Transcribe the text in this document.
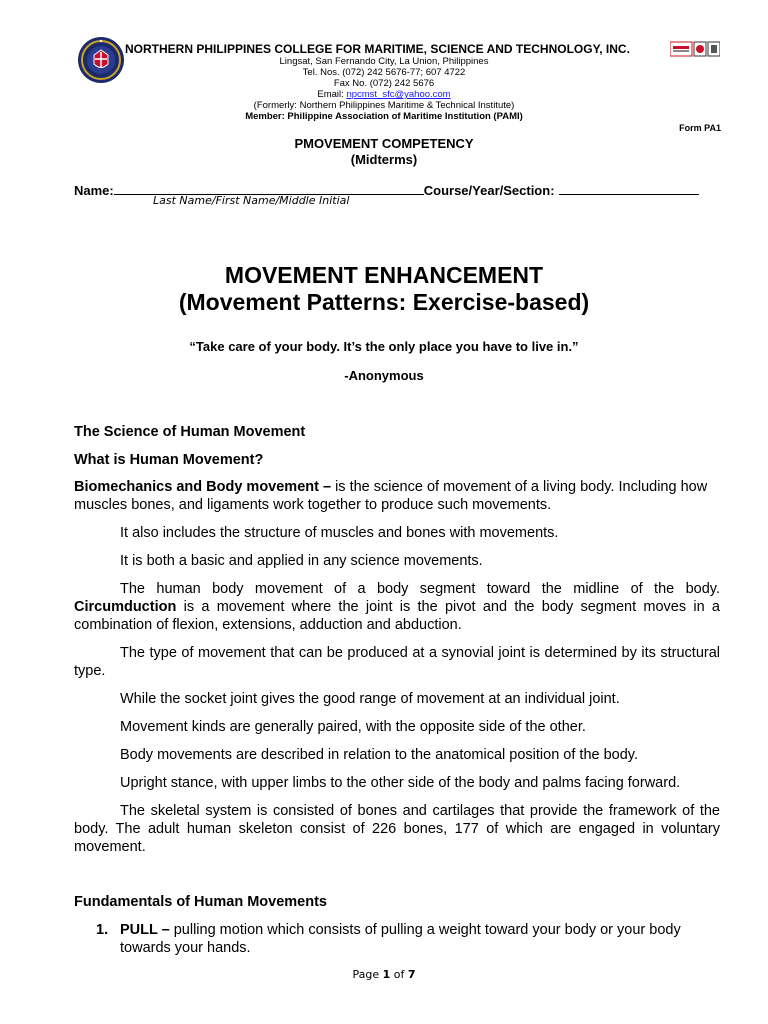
NORTHERN PHILIPPINES COLLEGE FOR MARITIME, SCIENCE AND TECHNOLOGY, INC.
Lingsat, San Fernando City, La Union, Philippines
Tel. Nos. (072) 242 5676-77; 607 4722
Fax No. (072) 242 5676
Email: npcmst_sfc@yahoo.com
(Formerly: Northern Philippines Maritime & Technical Institute)
Member: Philippine Association of Maritime Institution (PAMI)
Form PA1
PMOVEMENT COMPETENCY
(Midterms)
Name:	Course/Year/Section:
Last Name/First Name/Middle Initial
MOVEMENT ENHANCEMENT
(Movement Patterns: Exercise-based)
“Take care of your body. It’s the only place you have to live in.”
-Anonymous
The Science of Human Movement
What is Human Movement?
Biomechanics and Body movement – is the science of movement of a living body. Including how muscles bones, and ligaments work together to produce such movements.
It also includes the structure of muscles and bones with movements.
It is both a basic and applied in any science movements.
The human body movement of a body segment toward the midline of the body. Circumduction is a movement where the joint is the pivot and the body segment moves in a combination of flexion, extensions, adduction and abduction.
The type of movement that can be produced at a synovial joint is determined by its structural type.
While the socket joint gives the good range of movement at an individual joint.
Movement kinds are generally paired, with the opposite side of the other.
Body movements are described in relation to the anatomical position of the body.
Upright stance, with upper limbs to the other side of the body and palms facing forward.
The skeletal system is consisted of bones and cartilages that provide the framework of the body. The adult human skeleton consist of 226 bones, 177 of which are engaged in voluntary movement.
Fundamentals of Human Movements
1. PULL – pulling motion which consists of pulling a weight toward your body or your body towards your hands.
Page 1 of 7
